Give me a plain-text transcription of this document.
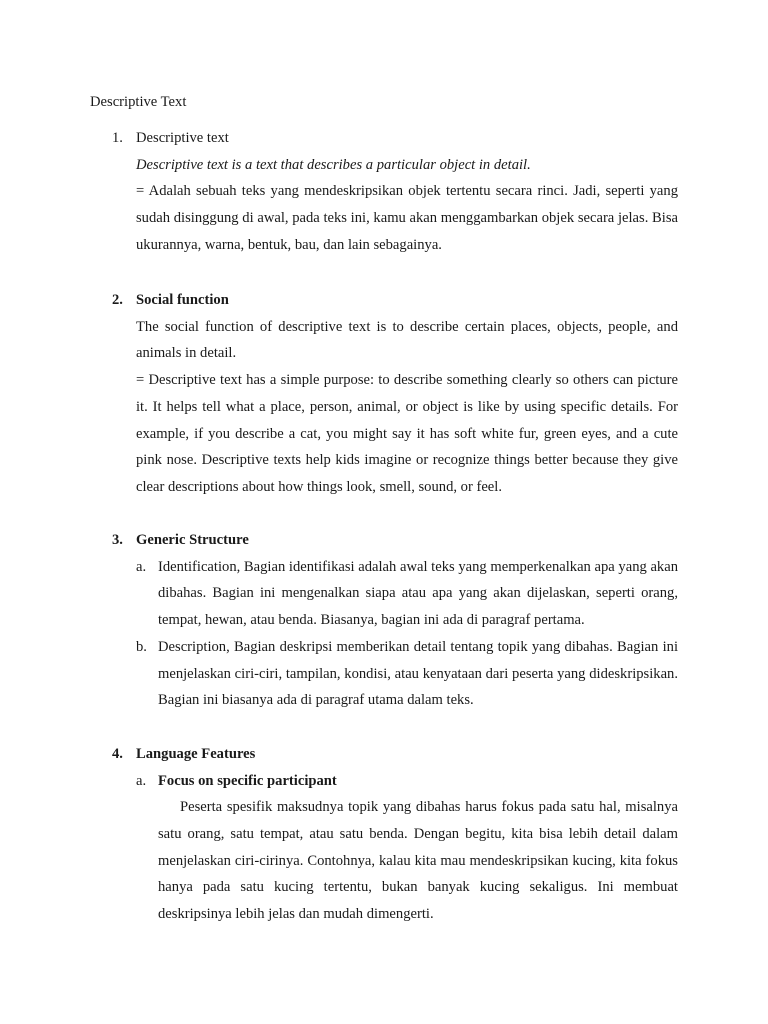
Descriptive Text
1. Descriptive text

Descriptive text is a text that describes a particular object in detail.

= Adalah sebuah teks yang mendeskripsikan objek tertentu secara rinci. Jadi, seperti yang sudah disinggung di awal, pada teks ini, kamu akan menggambarkan objek secara jelas. Bisa ukurannya, warna, bentuk, bau, dan lain sebagainya.

2. Social function

The social function of descriptive text is to describe certain places, objects, people, and animals in detail.

= Descriptive text has a simple purpose: to describe something clearly so others can picture it. It helps tell what a place, person, animal, or object is like by using specific details. For example, if you describe a cat, you might say it has soft white fur, green eyes, and a cute pink nose. Descriptive texts help kids imagine or recognize things better because they give clear descriptions about how things look, smell, sound, or feel.

3. Generic Structure
a. Identification, Bagian identifikasi adalah awal teks yang memperkenalkan apa yang akan dibahas. Bagian ini mengenalkan siapa atau apa yang akan dijelaskan, seperti orang, tempat, hewan, atau benda. Biasanya, bagian ini ada di paragraf pertama.

b. Description, Bagian deskripsi memberikan detail tentang topik yang dibahas. Bagian ini menjelaskan ciri-ciri, tampilan, kondisi, atau kenyataan dari peserta yang dideskripsikan. Bagian ini biasanya ada di paragraf utama dalam teks.

4. Language Features
a. Focus on specific participant

Peserta spesifik maksudnya topik yang dibahas harus fokus pada satu hal, misalnya satu orang, satu tempat, atau satu benda. Dengan begitu, kita bisa lebih detail dalam menjelaskan ciri-cirinya. Contohnya, kalau kita mau mendeskripsikan kucing, kita fokus hanya pada satu kucing tertentu, bukan banyak kucing sekaligus. Ini membuat deskripsinya lebih jelas dan mudah dimengerti.
